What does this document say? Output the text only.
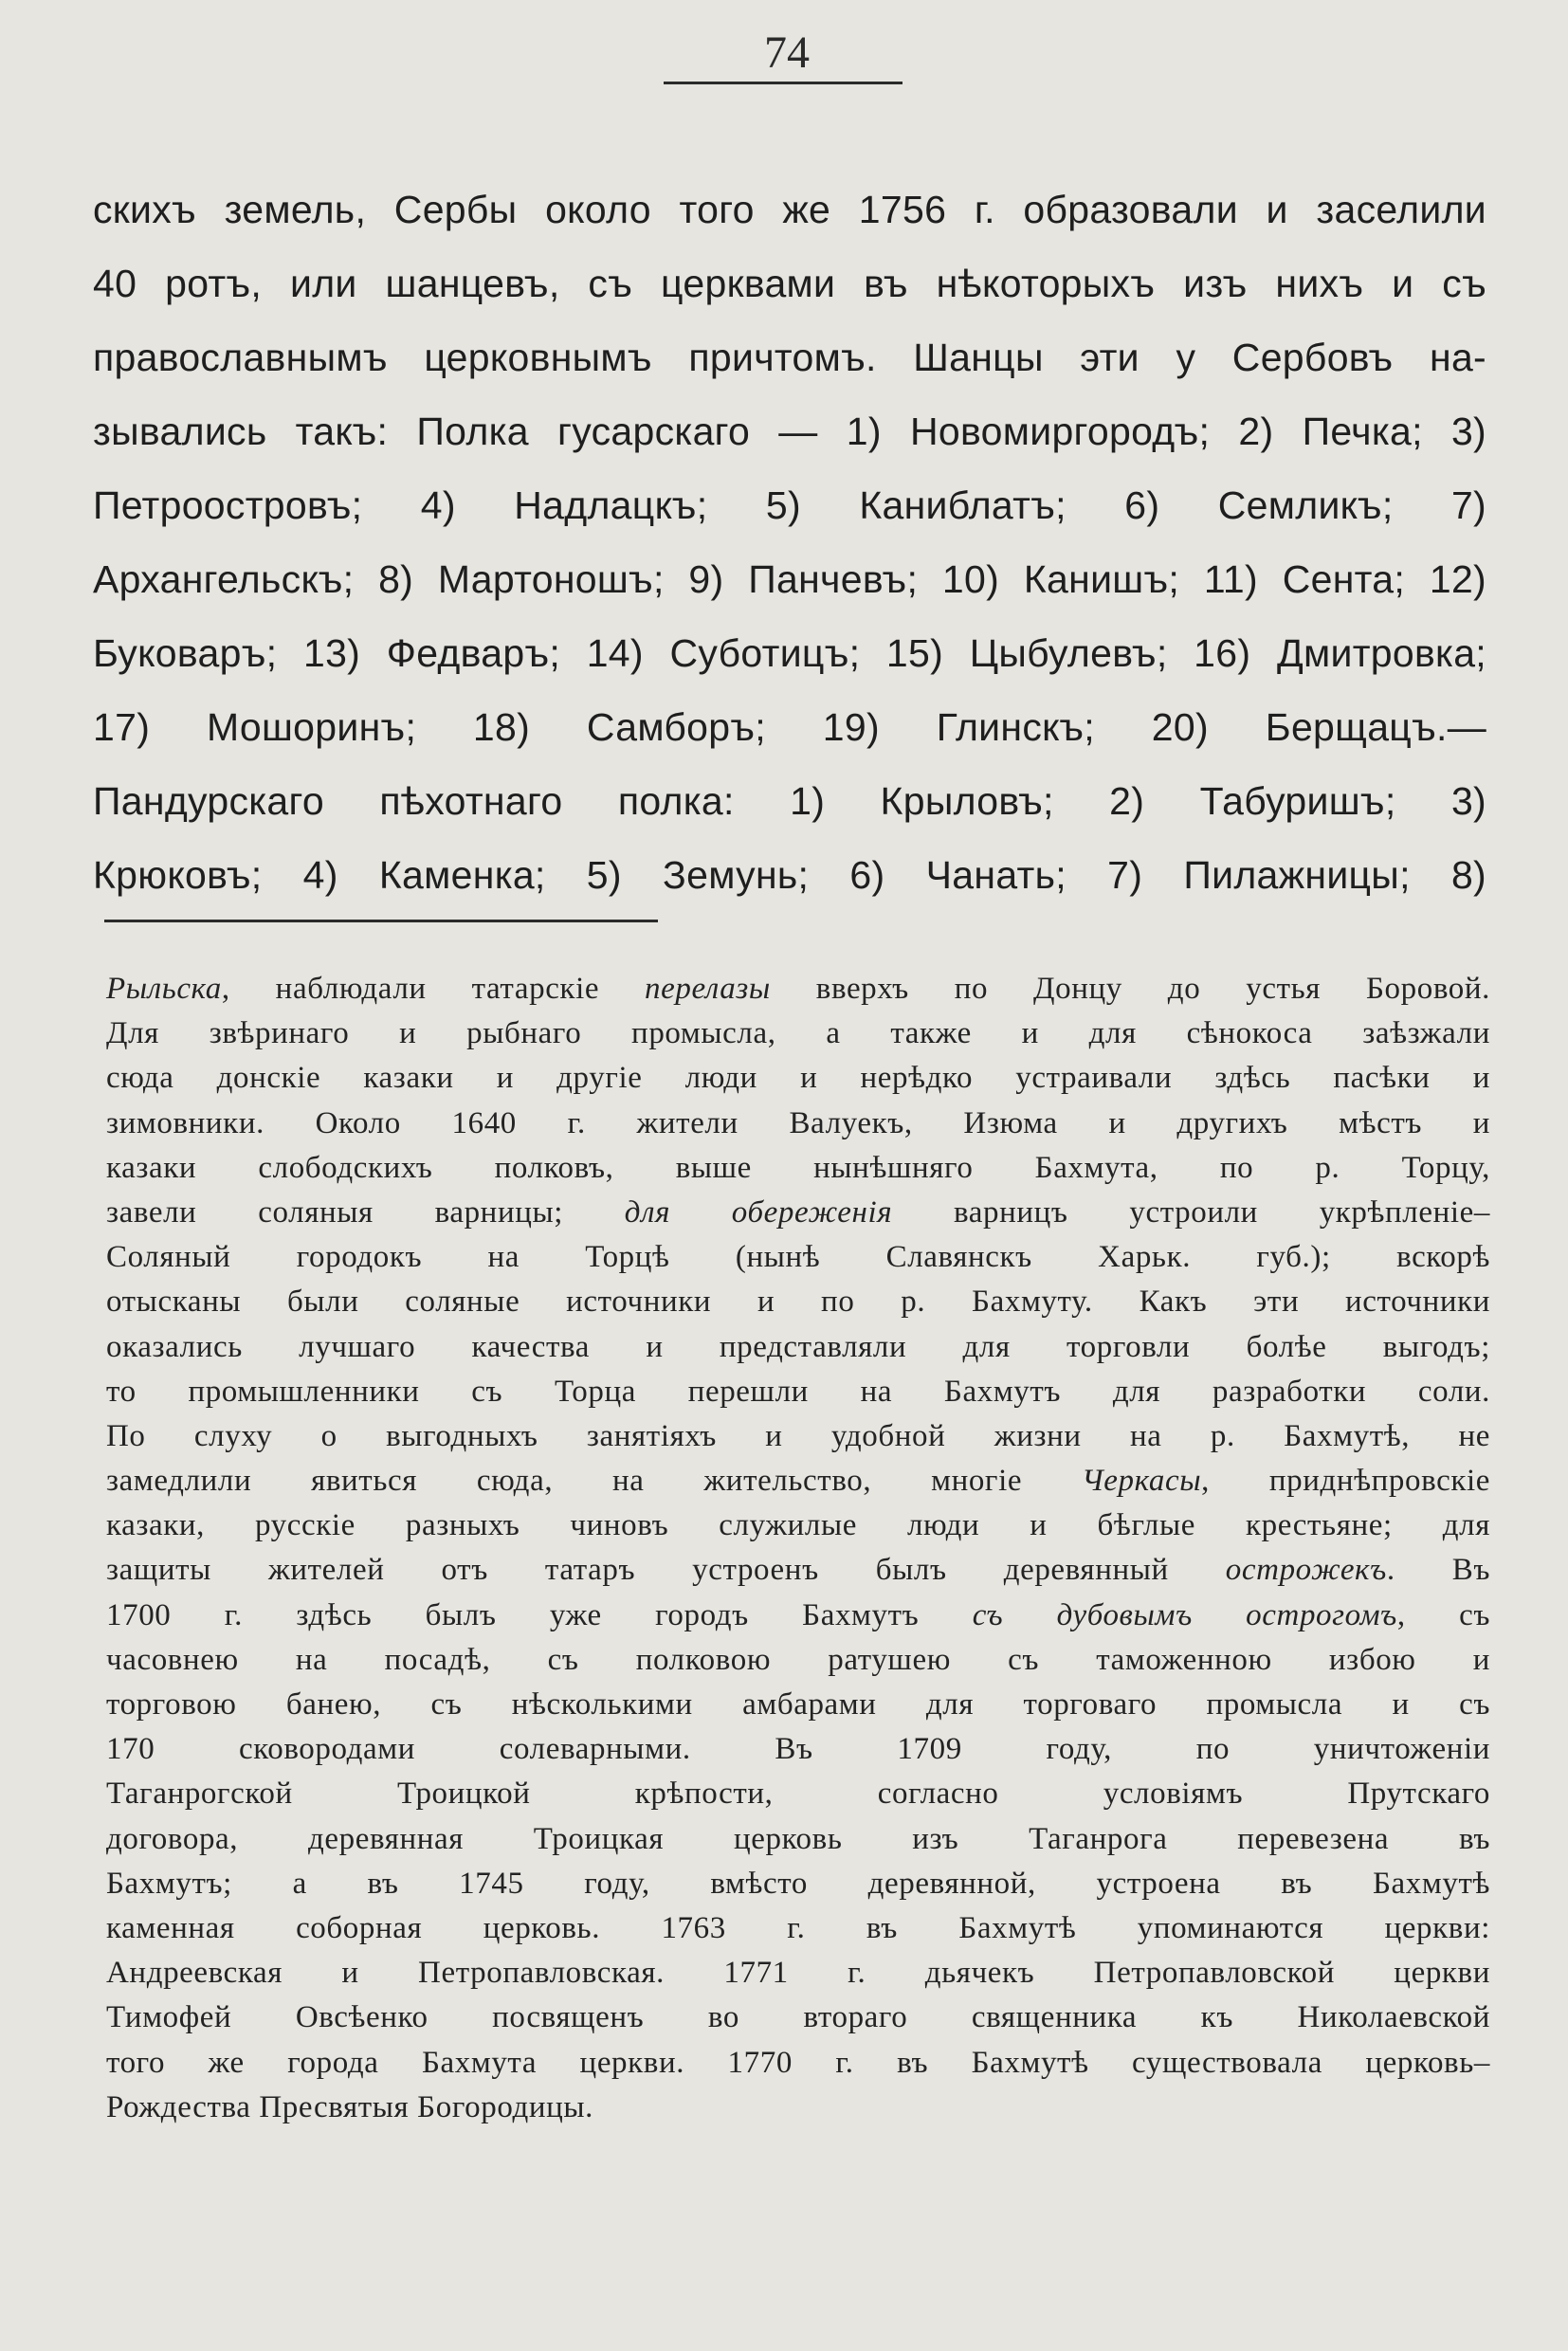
74
скихъ земель, Сербы около того же 1756 г. образовали и заселили
40 ротъ, или шанцевъ, съ церквами въ нѣкоторыхъ изъ нихъ и съ
православнымъ церковнымъ причтомъ. Шанцы эти у Сербовъ на-
зывались такъ: Полка гусарскаго — 1) Новомиргородъ; 2) Печка; 3)
Петроостровъ; 4) Надлацкъ; 5) Каниблатъ; 6) Семликъ; 7)
Архангельскъ; 8) Мартоношъ; 9) Панчевъ; 10) Канишъ; 11) Сента; 12)
Буковаръ; 13) Федваръ; 14) Суботицъ; 15) Цыбулевъ; 16) Дмитровка;
17) Мошоринъ; 18) Самборъ; 19) Глинскъ; 20) Берщацъ.—
Пандурскаго пѣхотнаго полка: 1) Крыловъ; 2) Табуришъ; 3)
Крюковъ; 4) Каменка; 5) Земунь; 6) Чанать; 7) Пилажницы; 8)
Рыльска, наблюдали татарскіе перелазы вверхъ по Донцу до устья Боровой.
Для звѣринаго и рыбнаго промысла, а также и для сѣнокоса заѣзжали
сюда донскіе казаки и другіе люди и нерѣдко устраивали здѣсь пасѣки и
зимовники. Около 1640 г. жители Валуекъ, Изюма и другихъ мѣстъ и
казаки слободскихъ полковъ, выше нынѣшняго Бахмута, по р. Торцу,
завели соляныя варницы; для обереженія варницъ устроили укрѣпленіе–
Соляный городокъ на Торцѣ (нынѣ Славянскъ Харьк. губ.); вскорѣ
отысканы были соляные источники и по р. Бахмуту. Какъ эти источники
оказались лучшаго качества и представляли для торговли болѣе выгодъ;
то промышленники съ Торца перешли на Бахмутъ для разработки соли.
По слуху о выгодныхъ занятіяхъ и удобной жизни на р. Бахмутѣ, не
замедлили явиться сюда, на жительство, многіе Черкасы, приднѣпровскіе
казаки, русскіе разныхъ чиновъ служилые люди и бѣглые крестьяне; для
защиты жителей отъ татаръ устроенъ былъ деревянный острожекъ. Въ
1700 г. здѣсь былъ уже городъ Бахмутъ съ дубовымъ острогомъ, съ
часовнею на посадѣ, съ полковою ратушею съ таможенною избою и
торговою банею, съ нѣсколькими амбарами для торговаго промысла и съ
170 сковородами солеварными. Въ 1709 году, по уничтоженіи
Таганрогской Троицкой крѣпости, согласно условіямъ Прутскаго
договора, деревянная Троицкая церковь изъ Таганрога перевезена въ
Бахмутъ; а въ 1745 году, вмѣсто деревянной, устроена въ Бахмутѣ
каменная соборная церковь. 1763 г. въ Бахмутѣ упоминаются церкви:
Андреевская и Петропавловская. 1771 г. дьячекъ Петропавловской церкви
Тимофей Овсѣенко посвященъ во втораго священника къ Николаевской
того же города Бахмута церкви. 1770 г. въ Бахмутѣ существовала церковь–
Рождества Пресвятыя Богородицы.
